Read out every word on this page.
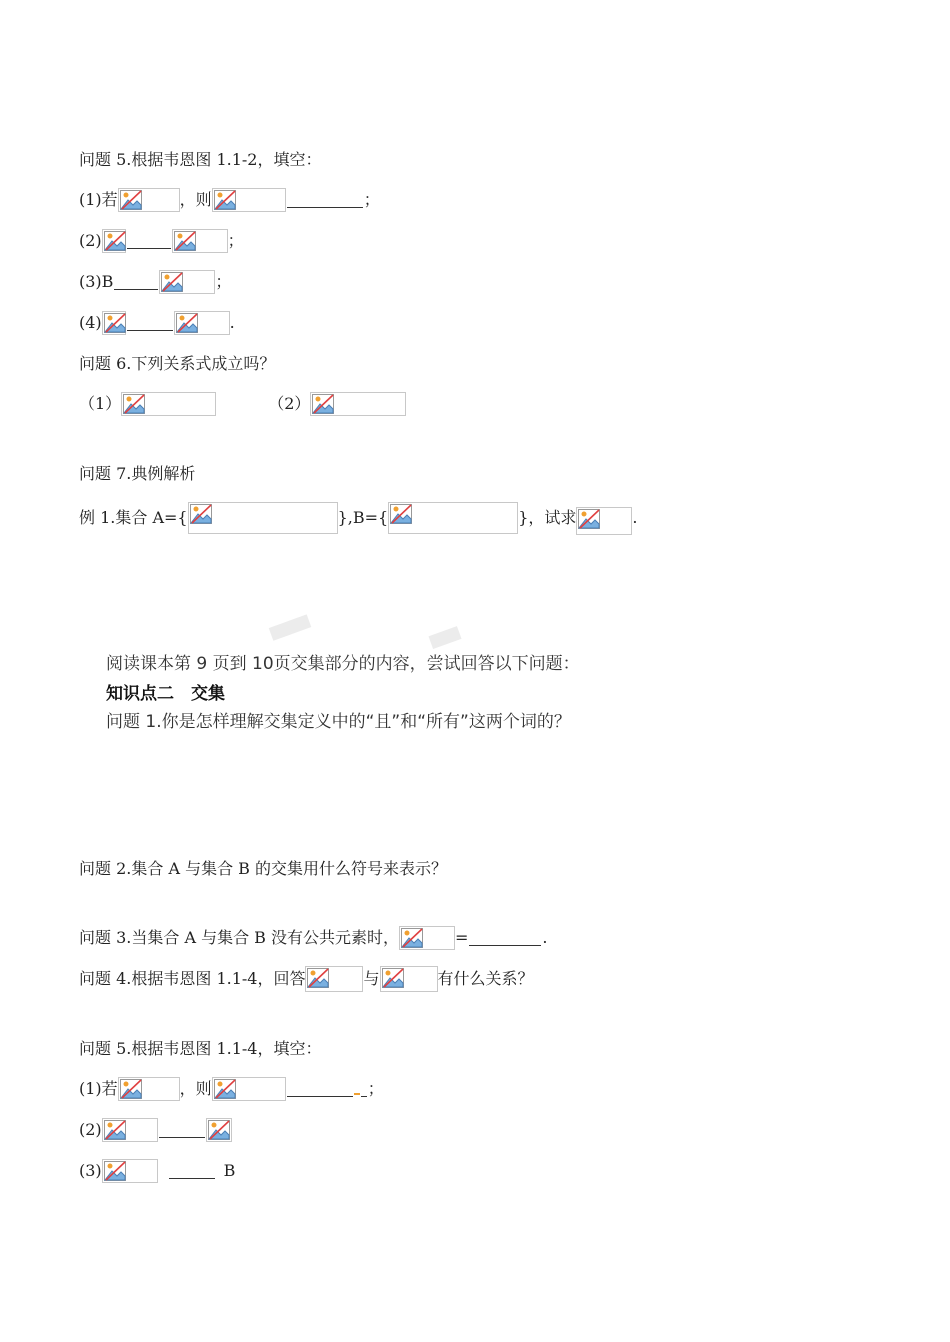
问题 5.根据韦恩图 1.1-2，填空：
(1)若	，则	；
(2)	；
(3)B	；
(4)	.
问题 6.下列关系式成立吗？
（1）	（2）
问题 7.典例解析
例 1.集合 A={	},B={	}，试求	.
▇▇▇▇	▇▇▇
阅读课本第 9 页到 10页交集部分的内容，尝试回答以下问题：
知识点二　交集
问题 1.你是怎样理解交集定义中的“且”和“所有”这两个词的？
问题 2.集合 A 与集合 B 的交集用什么符号来表示？
问题 3.当集合 A 与集合 B 没有公共元素时，	=	.
问题 4.根据韦恩图 1.1-4，回答	与	有什么关系？
问题 5.根据韦恩图 1.1-4，填空：
(1)若	，则	；
(2)
(3)	B
